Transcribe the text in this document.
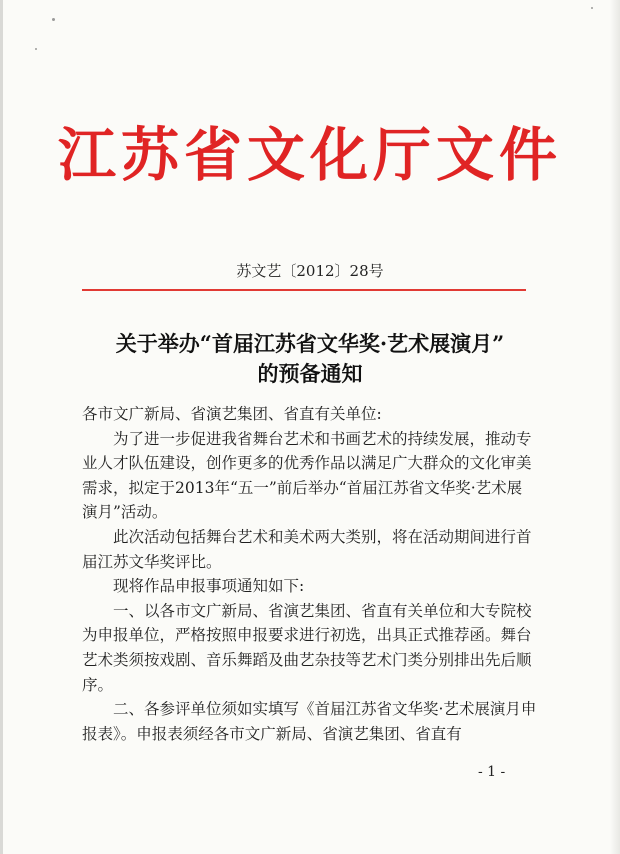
江苏省文化厅文件
苏文艺〔2012〕28号
关于举办“首届江苏省文华奖·艺术展演月”
的预备通知

各市文广新局、省演艺集团、省直有关单位:

为了进一步促进我省舞台艺术和书画艺术的持续发展，推动专业人才队伍建设，创作更多的优秀作品以满足广大群众的文化审美需求，拟定于2013年“五一”前后举办“首届江苏省文华奖·艺术展演月”活动。

此次活动包括舞台艺术和美术两大类别，将在活动期间进行首届江苏文华奖评比。

现将作品申报事项通知如下:

一、以各市文广新局、省演艺集团、省直有关单位和大专院校为申报单位，严格按照申报要求进行初选，出具正式推荐函。舞台艺术类须按戏剧、音乐舞蹈及曲艺杂技等艺术门类分别排出先后顺序。

二、各参评单位须如实填写《首届江苏省文华奖·艺术展演月申报表》。申报表须经各市文广新局、省演艺集团、省直有

- 1 -
